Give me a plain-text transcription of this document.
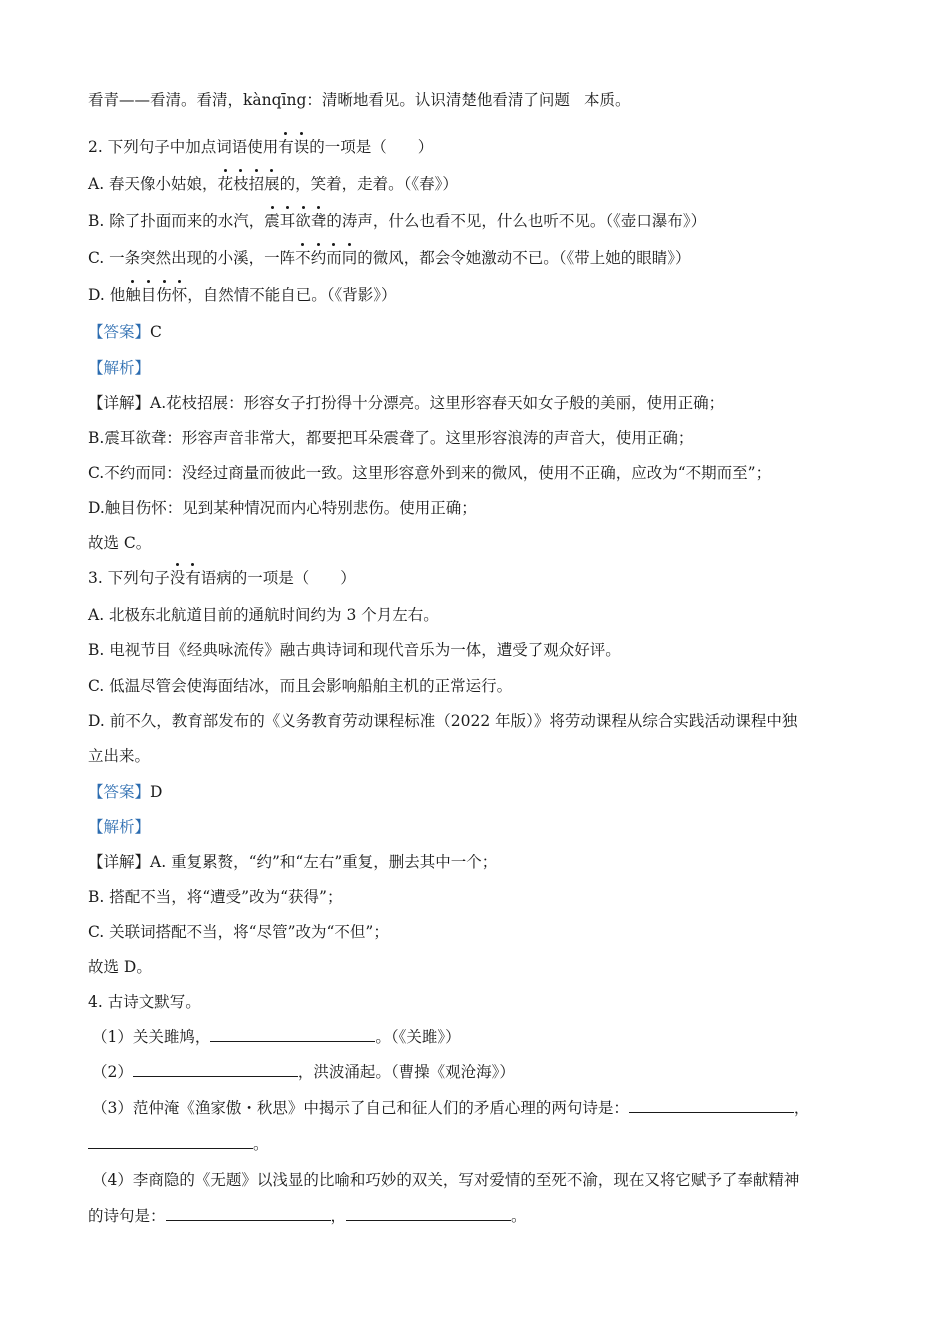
看青——看清。看清，kànqīng：清晰地看见。认识清楚他看清了问题 本质。
2. 下列句子中加点词语使用有误的一项是（　　）
A. 春天像小姑娘，花枝招展的，笑着，走着。（《春》）
B. 除了扑面而来的水汽，震耳欲聋的涛声，什么也看不见，什么也听不见。（《壶口瀑布》）
C. 一条突然出现的小溪，一阵不约而同的微风，都会令她激动不已。（《带上她的眼睛》）
D. 他触目伤怀，自然情不能自已。（《背影》）
【答案】C
【解析】
【详解】A.花枝招展：形容女子打扮得十分漂亮。这里形容春天如女子般的美丽，使用正确；
B.震耳欲聋：形容声音非常大，都要把耳朵震聋了。这里形容浪涛的声音大，使用正确；
C.不约而同：没经过商量而彼此一致。这里形容意外到来的微风，使用不正确，应改为“不期而至”；
D.触目伤怀：见到某种情况而内心特别悲伤。使用正确；
故选 C。
3. 下列句子没有语病的一项是（　　）
A. 北极东北航道目前的通航时间约为 3 个月左右。
B. 电视节目《经典咏流传》融古典诗词和现代音乐为一体，遭受了观众好评。
C. 低温尽管会使海面结冰，而且会影响船舶主机的正常运行。
D. 前不久，教育部发布的《义务教育劳动课程标准（2022 年版）》将劳动课程从综合实践活动课程中独
立出来。
【答案】D
【解析】
【详解】A. 重复累赘，“约”和“左右”重复，删去其中一个；
B. 搭配不当，将“遭受”改为“获得”；
C. 关联词搭配不当，将“尽管”改为“不但”；
故选 D。
4. 古诗文默写。
（1）关关雎鸠，	。（《关雎》）
（2）	，洪波涌起。（曹操《观沧海》）
（3）范仲淹《渔家傲・秋思》中揭示了自己和征人们的矛盾心理的两句诗是：	，
。
（4）李商隐的《无题》以浅显的比喻和巧妙的双关，写对爱情的至死不渝，现在又将它赋予了奉献精神
的诗句是：	，	。
